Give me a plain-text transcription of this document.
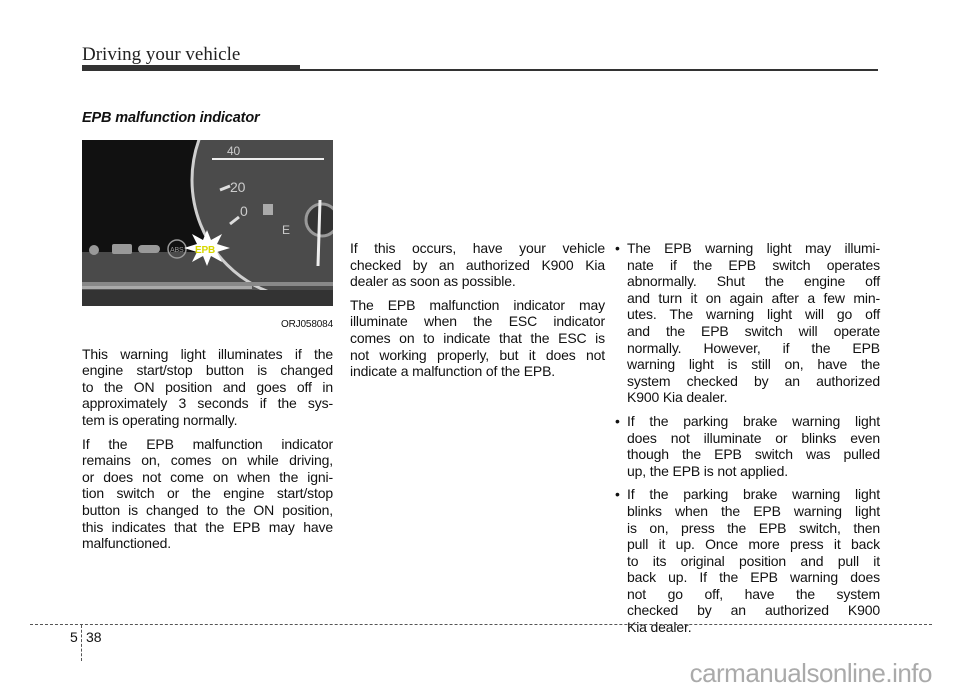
Driving your vehicle
EPB malfunction indicator
40
20
0
E
ABS EPB
ORJ058084
This warning light illuminates if the
engine start/stop button is changed
to the ON position and goes off in
approximately 3 seconds if the sys-
tem is operating normally.
If the EPB malfunction indicator
remains on, comes on while driving,
or does not come on when the igni-
tion switch or the engine start/stop
button is changed to the ON position,
this indicates that the EPB may have
malfunctioned.
If this occurs, have your vehicle
checked by an authorized K900 Kia
dealer as soon as possible.
The EPB malfunction indicator may
illuminate when the ESC indicator
comes on to indicate that the ESC is
not working properly, but it does not
indicate a malfunction of the EPB.
• The EPB warning light may illumi-
nate if the EPB switch operates
abnormally. Shut the engine off
and turn it on again after a few min-
utes. The warning light will go off
and the EPB switch will operate
normally. However, if the EPB
warning light is still on, have the
system checked by an authorized
K900 Kia dealer.
• If the parking brake warning light
does not illuminate or blinks even
though the EPB switch was pulled
up, the EPB is not applied.
• If the parking brake warning light
blinks when the EPB warning light
is on, press the EPB switch, then
pull it up. Once more press it back
to its original position and pull it
back up. If the EPB warning does
not go off, have the system
checked by an authorized K900
Kia dealer.
5 38
carmanualsonline.info
